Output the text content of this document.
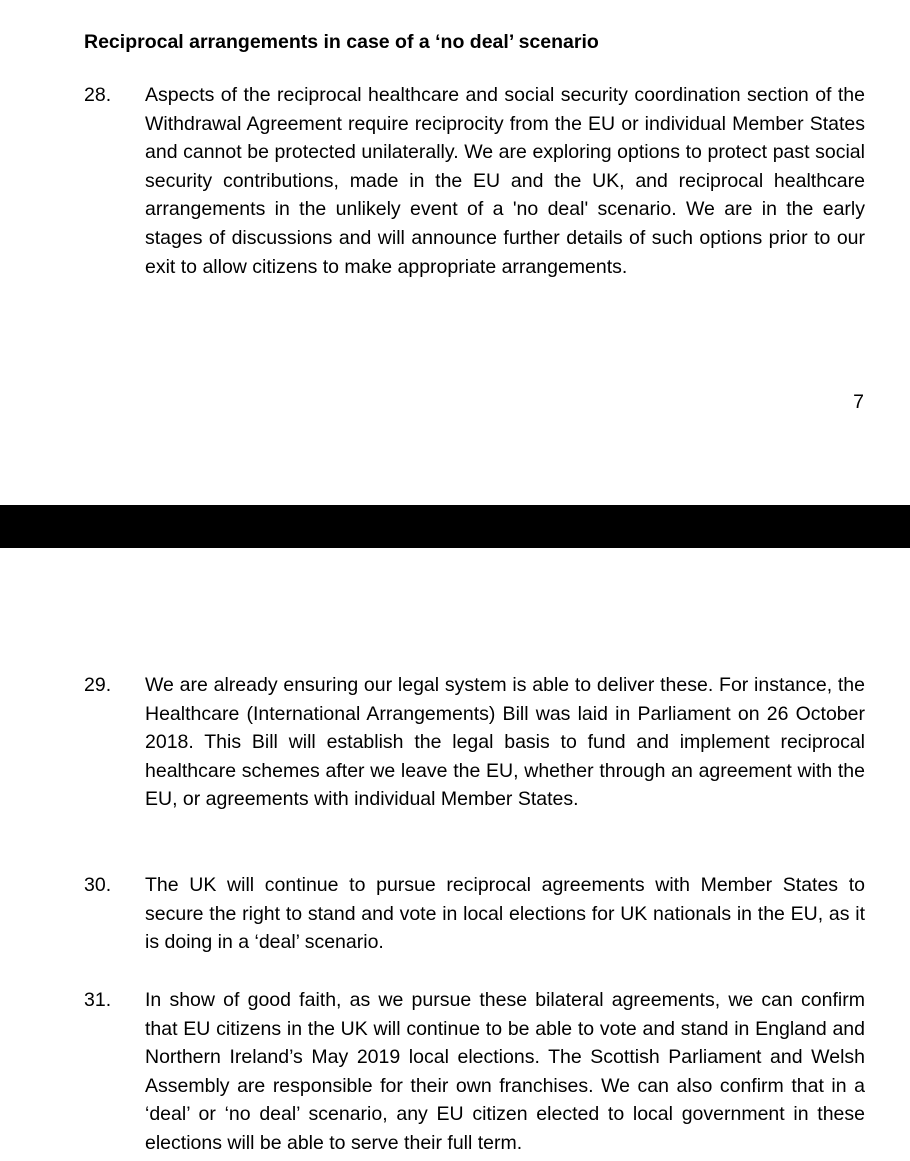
Reciprocal arrangements in case of a ‘no deal’ scenario
28. Aspects of the reciprocal healthcare and social security coordination section of the Withdrawal Agreement require reciprocity from the EU or individual Member States and cannot be protected unilaterally. We are exploring options to protect past social security contributions, made in the EU and the UK, and reciprocal healthcare arrangements in the unlikely event of a 'no deal' scenario. We are in the early stages of discussions and will announce further details of such options prior to our exit to allow citizens to make appropriate arrangements.
7
29. We are already ensuring our legal system is able to deliver these. For instance, the Healthcare (International Arrangements) Bill was laid in Parliament on 26 October 2018. This Bill will establish the legal basis to fund and implement reciprocal healthcare schemes after we leave the EU, whether through an agreement with the EU, or agreements with individual Member States.
30. The UK will continue to pursue reciprocal agreements with Member States to secure the right to stand and vote in local elections for UK nationals in the EU, as it is doing in a ‘deal’ scenario.
31. In show of good faith, as we pursue these bilateral agreements, we can confirm that EU citizens in the UK will continue to be able to vote and stand in England and Northern Ireland’s May 2019 local elections. The Scottish Parliament and Welsh Assembly are responsible for their own franchises. We can also confirm that in a ‘deal’ or ‘no deal’ scenario, any EU citizen elected to local government in these elections will be able to serve their full term.
